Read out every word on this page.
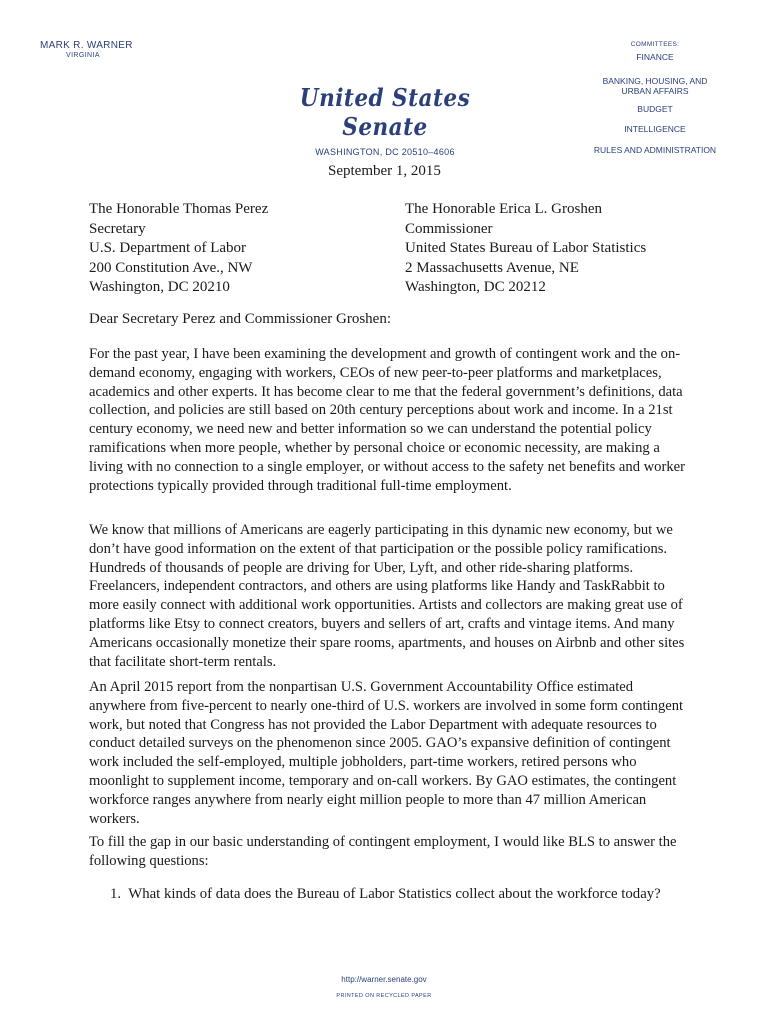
MARK R. WARNER
VIRGINIA
United States Senate
WASHINGTON, DC 20510–4606
COMMITTEES:
FINANCE
BANKING, HOUSING, AND
URBAN AFFAIRS
BUDGET
INTELLIGENCE
RULES AND ADMINISTRATION
September 1, 2015
The Honorable Thomas Perez
Secretary
U.S. Department of Labor
200 Constitution Ave., NW
Washington, DC 20210
The Honorable Erica L. Groshen
Commissioner
United States Bureau of Labor Statistics
2 Massachusetts Avenue, NE
Washington, DC 20212
Dear Secretary Perez and Commissioner Groshen:

For the past year, I have been examining the development and growth of contingent work and the on-demand economy, engaging with workers, CEOs of new peer-to-peer platforms and marketplaces, academics and other experts. It has become clear to me that the federal government’s definitions, data collection, and policies are still based on 20th century perceptions about work and income. In a 21st century economy, we need new and better information so we can understand the potential policy ramifications when more people, whether by personal choice or economic necessity, are making a living with no connection to a single employer, or without access to the safety net benefits and worker protections typically provided through traditional full-time employment.

We know that millions of Americans are eagerly participating in this dynamic new economy, but we don’t have good information on the extent of that participation or the possible policy ramifications. Hundreds of thousands of people are driving for Uber, Lyft, and other ride-sharing platforms. Freelancers, independent contractors, and others are using platforms like Handy and TaskRabbit to more easily connect with additional work opportunities. Artists and collectors are making great use of platforms like Etsy to connect creators, buyers and sellers of art, crafts and vintage items. And many Americans occasionally monetize their spare rooms, apartments, and houses on Airbnb and other sites that facilitate short-term rentals.

An April 2015 report from the nonpartisan U.S. Government Accountability Office estimated anywhere from five-percent to nearly one-third of U.S. workers are involved in some form contingent work, but noted that Congress has not provided the Labor Department with adequate resources to conduct detailed surveys on the phenomenon since 2005. GAO’s expansive definition of contingent work included the self-employed, multiple jobholders, part-time workers, retired persons who moonlight to supplement income, temporary and on-call workers. By GAO estimates, the contingent workforce ranges anywhere from nearly eight million people to more than 47 million American workers.

To fill the gap in our basic understanding of contingent employment, I would like BLS to answer the following questions:

1.  What kinds of data does the Bureau of Labor Statistics collect about the workforce today?
http://warner.senate.gov
PRINTED ON RECYCLED PAPER
